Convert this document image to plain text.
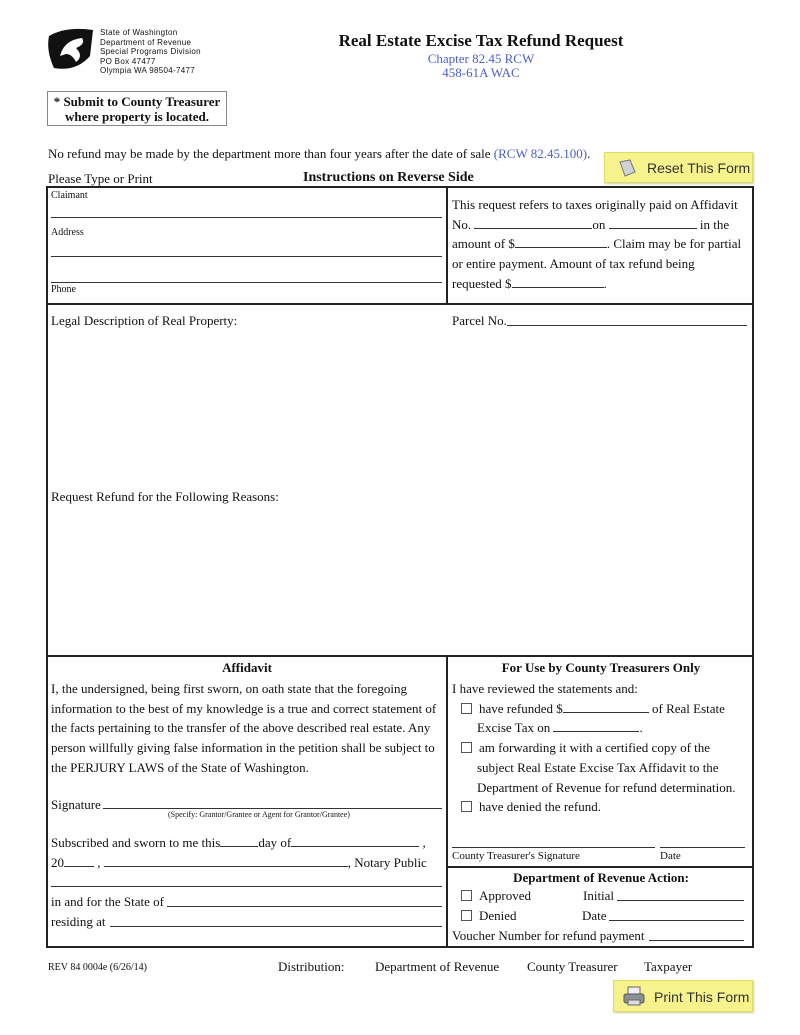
State of Washington
Department of Revenue
Special Programs Division
PO Box 47477
Olympia WA 98504-7477
Real Estate Excise Tax Refund Request
Chapter 82.45 RCW
458-61A WAC
* Submit to County Treasurer
where property is located.
No refund may be made by the department more than four years after the date of sale (RCW 82.45.100).
Reset This Form
Please Type or Print	Instructions on Reverse Side
Claimant
Address
Phone
This request refers to taxes originally paid on Affidavit
No.	on	in the
amount of $	. Claim may be for partial
or entire payment. Amount of tax refund being
requested $	.
Legal Description of Real Property:	Parcel No.
Request Refund for the Following Reasons:
Affidavit
I, the undersigned, being first sworn, on oath state that the foregoing
information to the best of my knowledge is a true and correct statement of
the facts pertaining to the transfer of the above described real estate. Any
person willfully giving false information in the petition shall be subject to
the PERJURY LAWS of the State of Washington.
Signature
(Specify: Grantor/Grantee or Agent for Grantor/Grantee)
Subscribed and sworn to me this	day of	,
20 ,	, Notary Public
in and for the State of
residing at
For Use by County Treasurers Only
I have reviewed the statements and:
have refunded $	of Real Estate
Excise Tax on	.
am forwarding it with a certified copy of the
subject Real Estate Excise Tax Affidavit to the
Department of Revenue for refund determination.
have denied the refund.
County Treasurer's Signature	Date
Department of Revenue Action:
Approved	Initial
Denied	Date
Voucher Number for refund payment
REV 84 0004e (6/26/14)	Distribution: Department of Revenue County Treasurer Taxpayer
Print This Form
